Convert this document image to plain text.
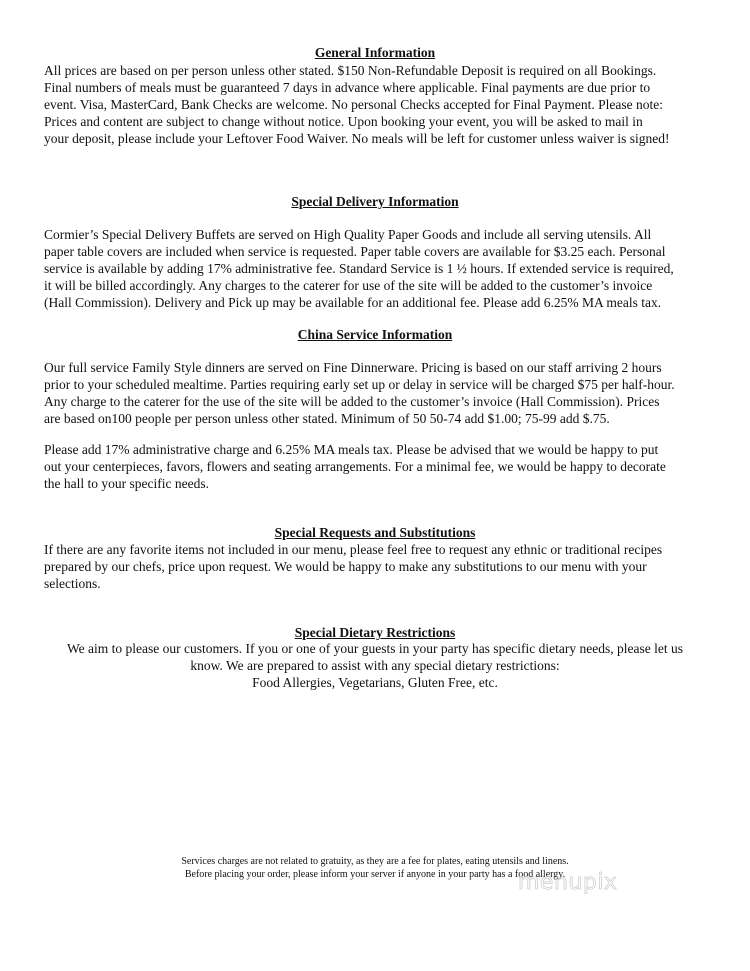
General Information

All prices are based on per person unless other stated. $150 Non-Refundable Deposit is required on all Bookings.
Final numbers of meals must be guaranteed 7 days in advance where applicable. Final payments are due prior to
event. Visa, MasterCard, Bank Checks are welcome. No personal Checks accepted for Final Payment. Please note:
Prices and content are subject to change without notice. Upon booking your event, you will be asked to mail in
your deposit, please include your Leftover Food Waiver. No meals will be left for customer unless waiver is signed!

Special Delivery Information

Cormier’s Special Delivery Buffets are served on High Quality Paper Goods and include all serving utensils. All
paper table covers are included when service is requested. Paper table covers are available for $3.25 each. Personal
service is available by adding 17% administrative fee. Standard Service is 1 ½ hours. If extended service is required,
it will be billed accordingly. Any charges to the caterer for use of the site will be added to the customer’s invoice
(Hall Commission). Delivery and Pick up may be available for an additional fee. Please add 6.25% MA meals tax.

China Service Information

Our full service Family Style dinners are served on Fine Dinnerware. Pricing is based on our staff arriving 2 hours
prior to your scheduled mealtime. Parties requiring early set up or delay in service will be charged $75 per half-hour.
Any charge to the caterer for the use of the site will be added to the customer’s invoice (Hall Commission). Prices
are based on100 people per person unless other stated. Minimum of 50 50-74 add $1.00; 75-99 add $.75.

Please add 17% administrative charge and 6.25% MA meals tax. Please be advised that we would be happy to put
out your centerpieces, favors, flowers and seating arrangements. For a minimal fee, we would be happy to decorate
the hall to your specific needs.

Special Requests and Substitutions

If there are any favorite items not included in our menu, please feel free to request any ethnic or traditional recipes
prepared by our chefs, price upon request. We would be happy to make any substitutions to our menu with your
selections.

Special Dietary Restrictions

We aim to please our customers. If you or one of your guests in your party has specific dietary needs, please let us
know. We are prepared to assist with any special dietary restrictions:
Food Allergies, Vegetarians, Gluten Free, etc.

Services charges are not related to gratuity, as they are a fee for plates, eating utensils and linens.
Before placing your order, please inform your server if anyone in your party has a food allergy.

menupix
